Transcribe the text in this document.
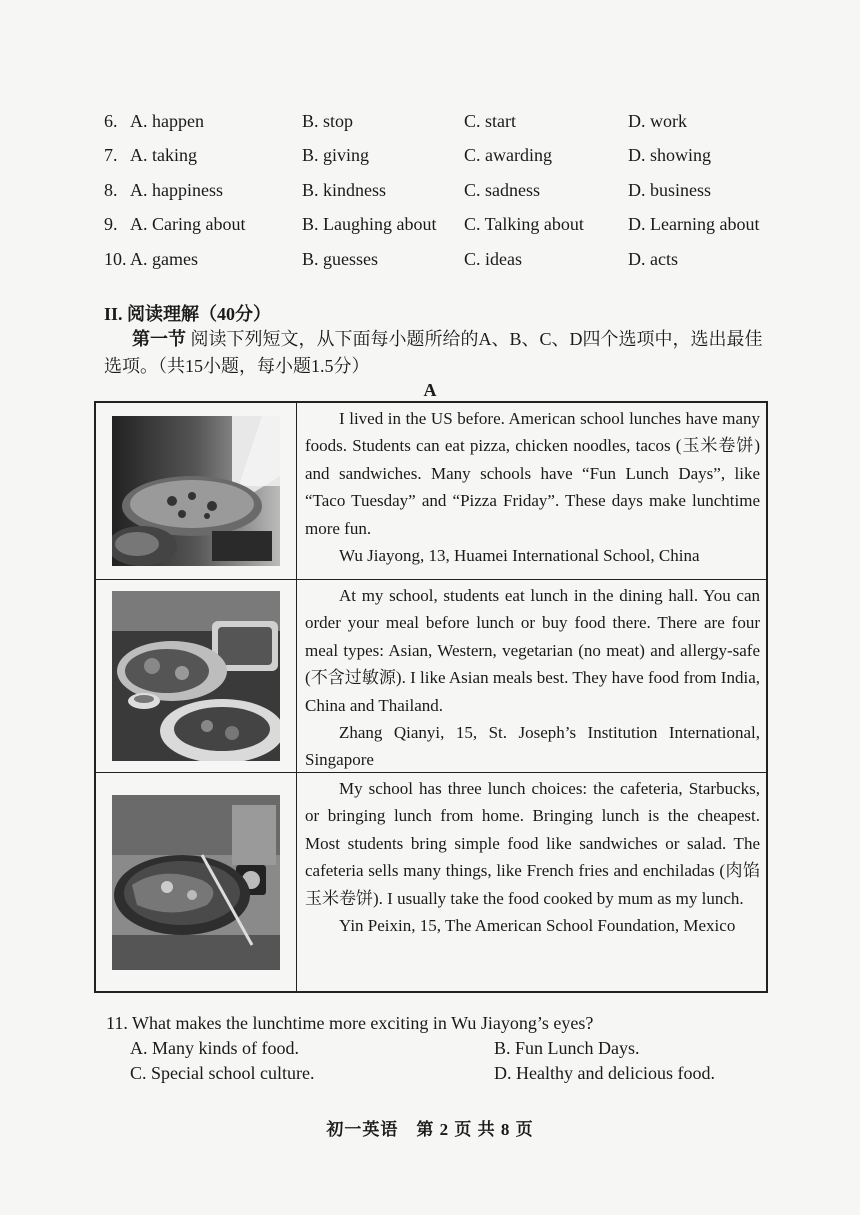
6. A. happen	B. stop	C. start	D. work
7. A. taking	B. giving	C. awarding	D. showing
8. A. happiness	B. kindness	C. sadness	D. business
9. A. Caring about	B. Laughing about	C. Talking about	D. Learning about
10. A. games	B. guesses	C. ideas	D. acts
II. 阅读理解（40分）
第一节 阅读下列短文，从下面每小题所给的A、B、C、D四个选项中，选出最佳选项。（共15小题，每小题1.5分）
A

I lived in the US before. American school lunches have many foods. Students can eat pizza, chicken noodles, tacos (玉米卷饼) and sandwiches. Many schools have “Fun Lunch Days”, like “Taco Tuesday” and “Pizza Friday”. These days make lunchtime more fun.

Wu Jiayong, 13, Huamei International School, China

At my school, students eat lunch in the dining hall. You can order your meal before lunch or buy food there. There are four meal types: Asian, Western, vegetarian (no meat) and allergy-safe (不含过敏源). I like Asian meals best. They have food from India, China and Thailand.

Zhang Qianyi, 15, St. Joseph’s Institution International, Singapore

My school has three lunch choices: the cafeteria, Starbucks, or bringing lunch from home. Bringing lunch is the cheapest. Most students bring simple food like sandwiches or salad. The cafeteria sells many things, like French fries and enchiladas (肉馅玉米卷饼). I usually take the food cooked by mum as my lunch.

Yin Peixin, 15, The American School Foundation, Mexico

11. What makes the lunchtime more exciting in Wu Jiayong’s eyes?
A. Many kinds of food.	B. Fun Lunch Days.
C. Special school culture.	D. Healthy and delicious food.
初一英语　第 2 页 共 8 页
